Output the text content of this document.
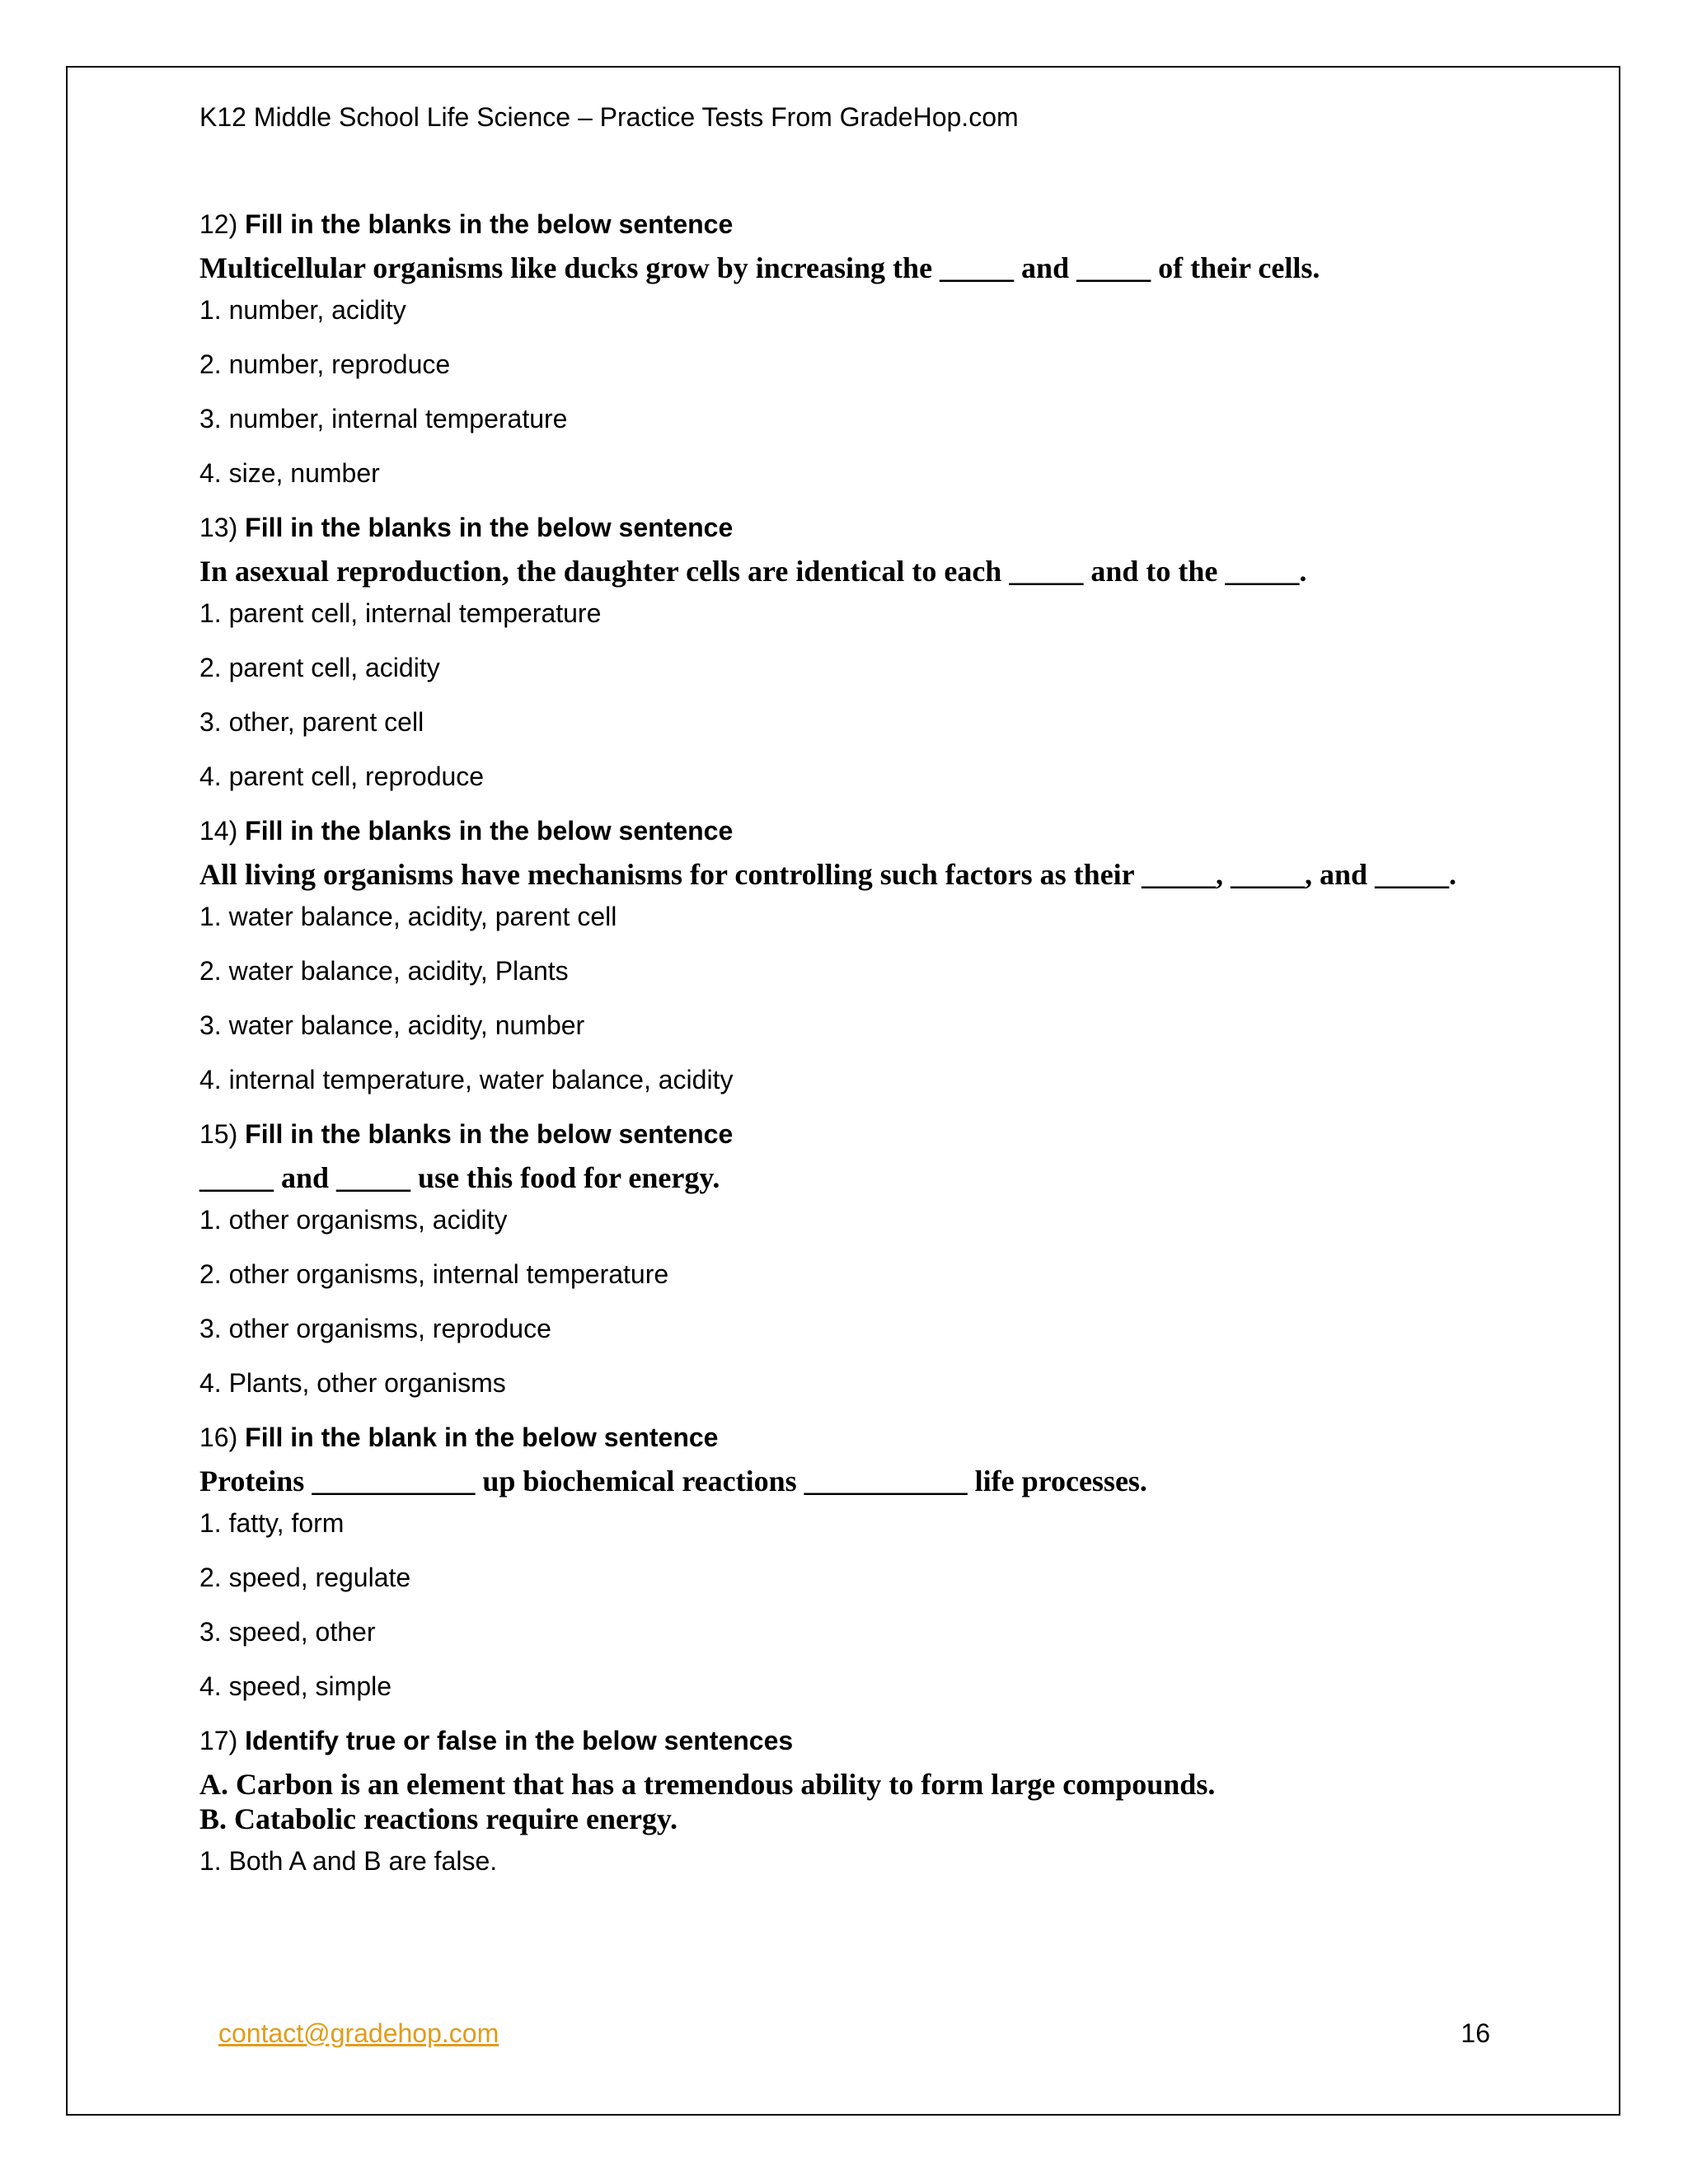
K12 Middle School Life Science – Practice Tests From GradeHop.com

12) Fill in the blanks in the below sentence

Multicellular organisms like ducks grow by increasing the _____ and _____ of their cells.

1. number, acidity

2. number, reproduce

3. number, internal temperature

4. size, number

13) Fill in the blanks in the below sentence

In asexual reproduction, the daughter cells are identical to each _____ and to the _____.

1. parent cell, internal temperature

2. parent cell, acidity

3. other, parent cell

4. parent cell, reproduce

14) Fill in the blanks in the below sentence

All living organisms have mechanisms for controlling such factors as their _____, _____, and _____.

1. water balance, acidity, parent cell

2. water balance, acidity, Plants

3. water balance, acidity, number

4. internal temperature, water balance, acidity

15) Fill in the blanks in the below sentence

_____ and _____ use this food for energy.

1. other organisms, acidity

2. other organisms, internal temperature

3. other organisms, reproduce

4. Plants, other organisms

16) Fill in the blank in the below sentence

Proteins ___________ up biochemical reactions ___________ life processes.

1. fatty, form

2. speed, regulate

3. speed, other

4. speed, simple

17) Identify true or false in the below sentences

A. Carbon is an element that has a tremendous ability to form large compounds.

B. Catabolic reactions require energy.

1. Both A and B are false.

contact@gradehop.com	16
